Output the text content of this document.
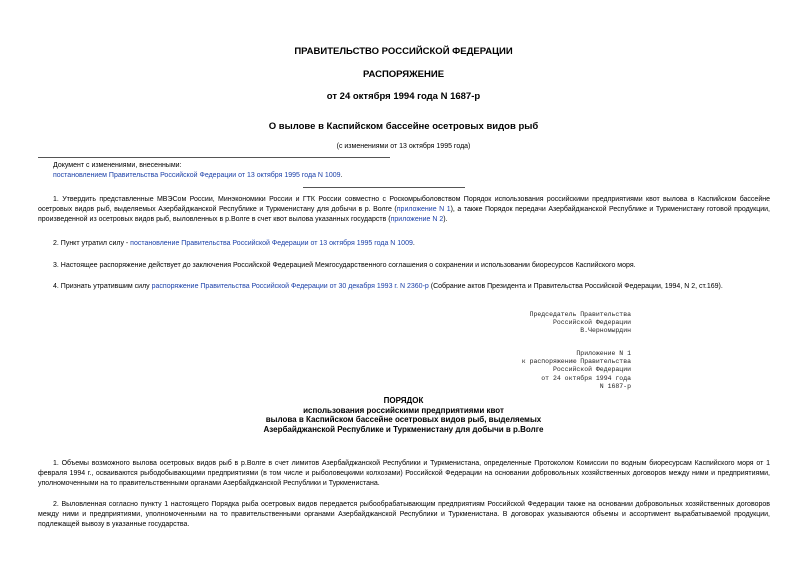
ПРАВИТЕЛЬСТВО РОССИЙСКОЙ ФЕДЕРАЦИИ
РАСПОРЯЖЕНИЕ
от 24 октября 1994 года N 1687-р
О вылове в Каспийском бассейне осетровых видов рыб
(с изменениями от 13 октября 1995 года)
Документ с изменениями, внесенными:
постановлением Правительства Российской Федерации от 13 октября 1995 года N 1009.

1. Утвердить представленные МВЭСом России, Минэкономики России и ГТК России совместно с Роскомрыболовством Порядок использования российскими предприятиями квот вылова в Каспийском бассейне осетровых видов рыб, выделяемых Азербайджанской Республике и Туркменистану для добычи в р. Волге (приложение N 1), а также Порядок передачи Азербайджанской Республике и Туркменистану готовой продукции, произведенной из осетровых видов рыб, выловленных в р.Волге в счет квот вылова указанных государств (приложение N 2).

2. Пункт утратил силу - постановление Правительства Российской Федерации от 13 октября 1995 года N 1009.

3. Настоящее распоряжение действует до заключения Российской Федерацией Межгосударственного соглашения о сохранении и использовании биоресурсов Каспийского моря.

4. Признать утратившим силу распоряжение Правительства Российской Федерации от 30 декабря 1993 г. N 2360-р (Собрание актов Президента и Правительства Российской Федерации, 1994, N 2, ст.169).

Председатель Правительства
Российской Федерации
В.Черномырдин
Приложение N 1
к распоряжению Правительства
Российской Федерации
от 24 октября 1994 года
N 1687-р
ПОРЯДОК
использования российскими предприятиями квот
вылова в Каспийском бассейне осетровых видов рыб, выделяемых
Азербайджанской Республике и Туркменистану для добычи в р.Волге

1. Объемы возможного вылова осетровых видов рыб в р.Волге в счет лимитов Азербайджанской Республики и Туркменистана, определенные Протоколом Комиссии по водным биоресурсам Каспийского моря от 1 февраля 1994 г., осваиваются рыбодобывающими предприятиями (в том числе и рыболовецкими колхозами) Российской Федерации на основании добровольных хозяйственных договоров между ними и предприятиями, уполномоченными на то правительственными органами Азербайджанской Республики и Туркменистана.

2. Выловленная согласно пункту 1 настоящего Порядка рыба осетровых видов передается рыбообрабатывающим предприятиям Российской Федерации также на основании добровольных хозяйственных договоров между ними и предприятиями, уполномоченными на то правительственными органами Азербайджанской Республики и Туркменистана. В договорах указываются объемы и ассортимент вырабатываемой продукции, подлежащей вывозу в указанные государства.
